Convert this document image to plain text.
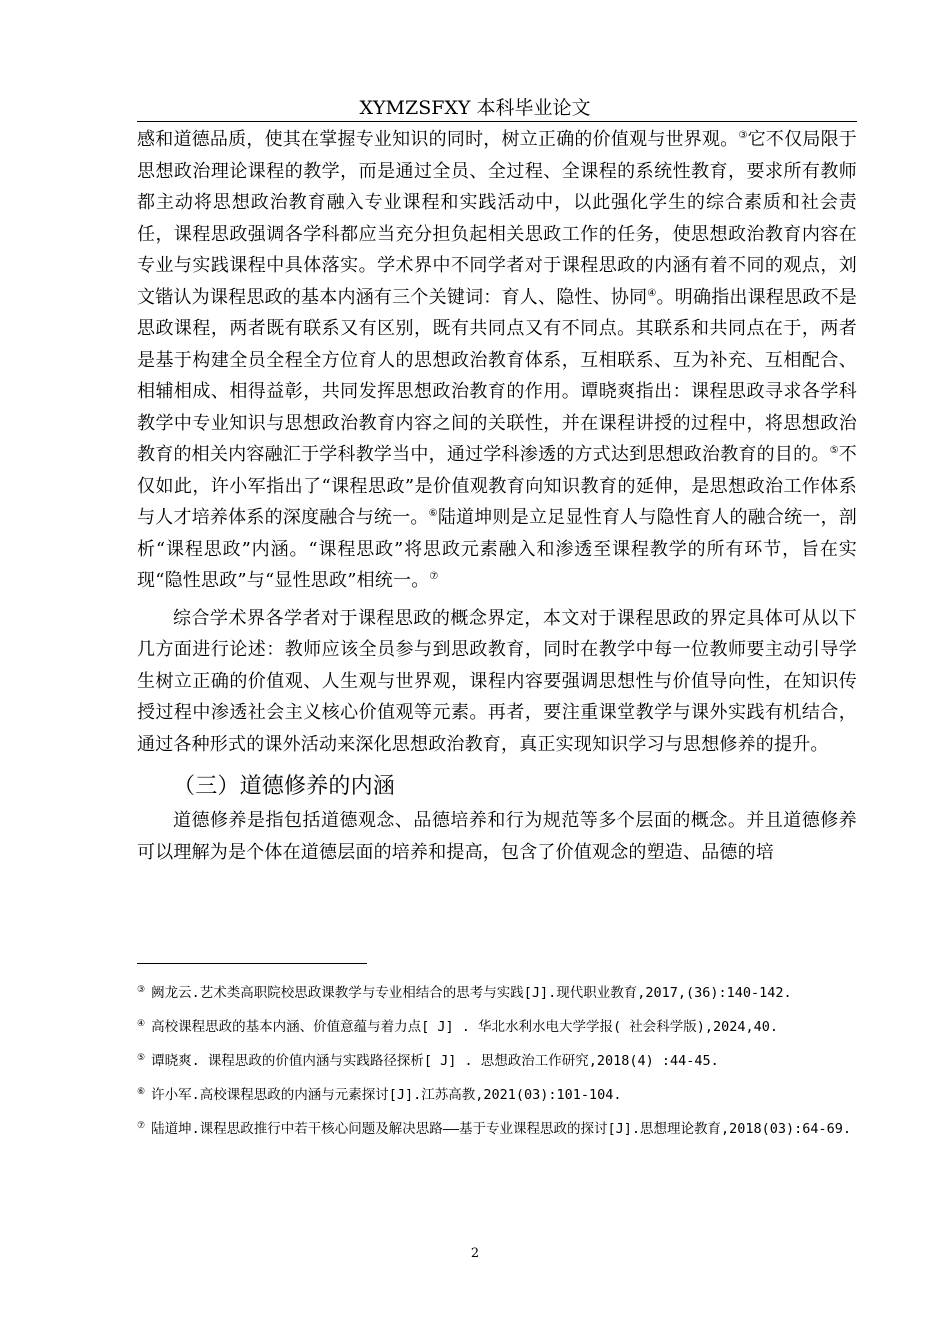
XYMZSFXY 本科毕业论文

感和道德品质，使其在掌握专业知识的同时，树立正确的价值观与世界观。③它不仅局限于思想政治理论课程的教学，而是通过全员、全过程、全课程的系统性教育，要求所有教师都主动将思想政治教育融入专业课程和实践活动中，以此强化学生的综合素质和社会责任，课程思政强调各学科都应当充分担负起相关思政工作的任务，使思想政治教育内容在专业与实践课程中具体落实。学术界中不同学者对于课程思政的内涵有着不同的观点，刘文锴认为课程思政的基本内涵有三个关键词：育人、隐性、协同④。明确指出课程思政不是思政课程，两者既有联系又有区别，既有共同点又有不同点。其联系和共同点在于，两者是基于构建全员全程全方位育人的思想政治教育体系，互相联系、互为补充、互相配合、相辅相成、相得益彰，共同发挥思想政治教育的作用。谭晓爽指出：课程思政寻求各学科教学中专业知识与思想政治教育内容之间的关联性，并在课程讲授的过程中，将思想政治教育的相关内容融汇于学科教学当中，通过学科渗透的方式达到思想政治教育的目的。⑤不仅如此，许小军指出了“课程思政”是价值观教育向知识教育的延伸，是思想政治工作体系与人才培养体系的深度融合与统一。⑥陆道坤则是立足显性育人与隐性育人的融合统一，剖析“课程思政”内涵。“课程思政”将思政元素融入和渗透至课程教学的所有环节，旨在实现“隐性思政”与“显性思政”相统一。⑦

综合学术界各学者对于课程思政的概念界定，本文对于课程思政的界定具体可从以下几方面进行论述：教师应该全员参与到思政教育，同时在教学中每一位教师要主动引导学生树立正确的价值观、人生观与世界观，课程内容要强调思想性与价值导向性，在知识传授过程中渗透社会主义核心价值观等元素。再者，要注重课堂教学与课外实践有机结合，通过各种形式的课外活动来深化思想政治教育，真正实现知识学习与思想修养的提升。

（三）道德修养的内涵

道德修养是指包括道德观念、品德培养和行为规范等多个层面的概念。并且道德修养可以理解为是个体在道德层面的培养和提高，包含了价值观念的塑造、品德的培

③ 阙龙云.艺术类高职院校思政课教学与专业相结合的思考与实践[J].现代职业教育,2017,(36):140-142.

④ 高校课程思政的基本内涵、价值意蕴与着力点[ J] . 华北水利水电大学学报( 社会科学版),2024,40.

⑤ 谭晓爽. 课程思政的价值内涵与实践路径探析[ J] . 思想政治工作研究,2018(4) :44-45.

⑥ 许小军.高校课程思政的内涵与元素探讨[J].江苏高教,2021(03):101-104.

⑦ 陆道坤.课程思政推行中若干核心问题及解决思路——基于专业课程思政的探讨[J].思想理论教育,2018(03):64-69.

2
